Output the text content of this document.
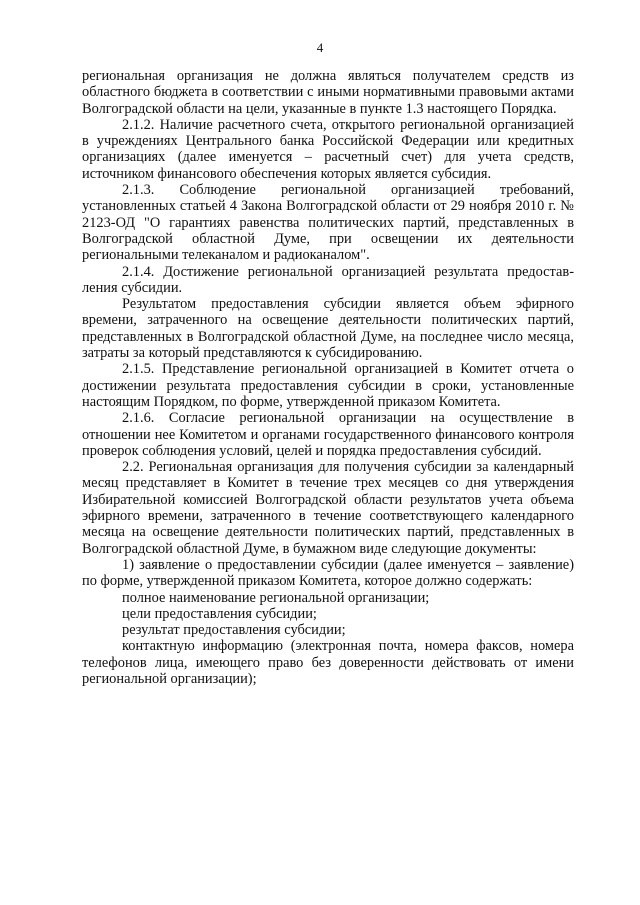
4

региональная организация не должна являться получателем средств из областного бюджета в соответствии с иными нормативными правовыми актами Волгоградской области на цели, указанные в пункте 1.3 настоящего Порядка.

2.1.2. Наличие расчетного счета, открытого региональной организацией в учреждениях Центрального банка Российской Федерации или кредитных организациях (далее именуется – расчетный счет) для учета средств, источником финансового обеспечения которых является субсидия.

2.1.3. Соблюдение региональной организацией требований, установленных статьей 4 Закона Волгоградской области от 29 ноября 2010 г. № 2123-ОД "О гарантиях равенства политических партий, представленных в Волгоградской областной Думе, при освещении их деятельности региональными телеканалом и радиоканалом".

2.1.4. Достижение региональной организацией результата предоставления субсидии.

Результатом предоставления субсидии является объем эфирного времени, затраченного на освещение деятельности политических партий, представленных в Волгоградской областной Думе, на последнее число месяца, затраты за который представляются к субсидированию.

2.1.5. Представление региональной организацией в Комитет отчета о достижении результата предоставления субсидии в сроки, установленные настоящим Порядком, по форме, утвержденной приказом Комитета.

2.1.6. Согласие региональной организации на осуществление в отношении нее Комитетом и органами государственного финансового контроля проверок соблюдения условий, целей и порядка предоставления субсидий.

2.2. Региональная организация для получения субсидии за календарный месяц представляет в Комитет в течение трех месяцев со дня утверждения Избирательной комиссией Волгоградской области результатов учета объема эфирного времени, затраченного в течение соответствующего календарного месяца на освещение деятельности политических партий, представленных в Волгоградской областной Думе, в бумажном виде следующие документы:

1) заявление о предоставлении субсидии (далее именуется – заявление) по форме, утвержденной приказом Комитета, которое должно содержать:

полное наименование региональной организации;

цели предоставления субсидии;

результат предоставления субсидии;

контактную информацию (электронная почта, номера факсов, номера телефонов лица, имеющего право без доверенности действовать от имени региональной организации);
